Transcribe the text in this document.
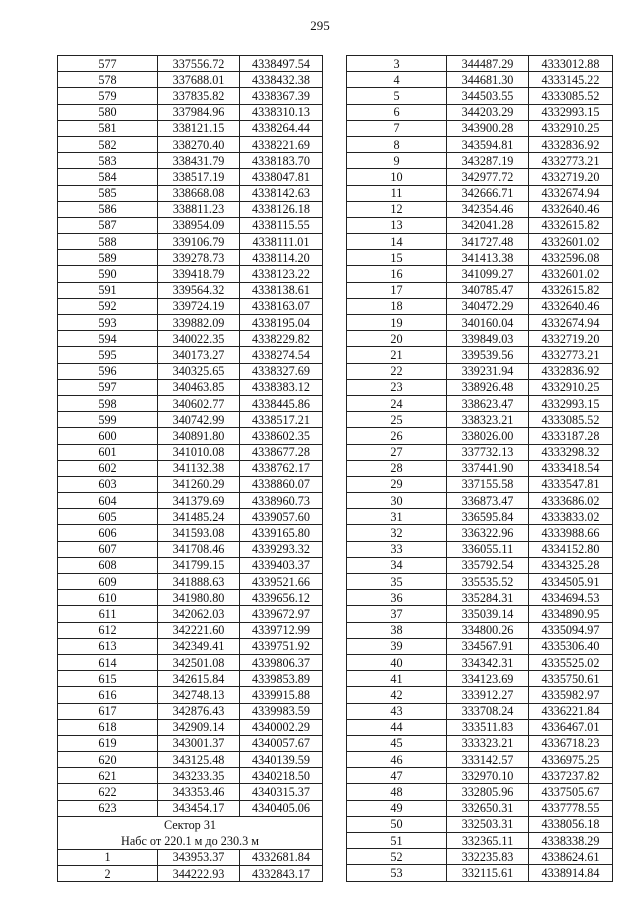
295
577	337556.72	4338497.54
578	337688.01	4338432.38
579	337835.82	4338367.39
580	337984.96	4338310.13
581	338121.15	4338264.44
582	338270.40	4338221.69
583	338431.79	4338183.70
584	338517.19	4338047.81
585	338668.08	4338142.63
586	338811.23	4338126.18
587	338954.09	4338115.55
588	339106.79	4338111.01
589	339278.73	4338114.20
590	339418.79	4338123.22
591	339564.32	4338138.61
592	339724.19	4338163.07
593	339882.09	4338195.04
594	340022.35	4338229.82
595	340173.27	4338274.54
596	340325.65	4338327.69
597	340463.85	4338383.12
598	340602.77	4338445.86
599	340742.99	4338517.21
600	340891.80	4338602.35
601	341010.08	4338677.28
602	341132.38	4338762.17
603	341260.29	4338860.07
604	341379.69	4338960.73
605	341485.24	4339057.60
606	341593.08	4339165.80
607	341708.46	4339293.32
608	341799.15	4339403.37
609	341888.63	4339521.66
610	341980.80	4339656.12
611	342062.03	4339672.97
612	342221.60	4339712.99
613	342349.41	4339751.92
614	342501.08	4339806.37
615	342615.84	4339853.89
616	342748.13	4339915.88
617	342876.43	4339983.59
618	342909.14	4340002.29
619	343001.37	4340057.67
620	343125.48	4340139.59
621	343233.35	4340218.50
622	343353.46	4340315.37
623	343454.17	4340405.06

Сектор 31
Набс от 220.1 м до 230.3 м		

1	343953.37	4332681.84
2	344222.93	4332843.17
3	344487.29	4333012.88
4	344681.30	4333145.22
5	344503.55	4333085.52
6	344203.29	4332993.15
7	343900.28	4332910.25
8	343594.81	4332836.92
9	343287.19	4332773.21
10	342977.72	4332719.20
11	342666.71	4332674.94
12	342354.46	4332640.46
13	342041.28	4332615.82
14	341727.48	4332601.02
15	341413.38	4332596.08
16	341099.27	4332601.02
17	340785.47	4332615.82
18	340472.29	4332640.46
19	340160.04	4332674.94
20	339849.03	4332719.20
21	339539.56	4332773.21
22	339231.94	4332836.92
23	338926.48	4332910.25
24	338623.47	4332993.15
25	338323.21	4333085.52
26	338026.00	4333187.28
27	337732.13	4333298.32
28	337441.90	4333418.54
29	337155.58	4333547.81
30	336873.47	4333686.02
31	336595.84	4333833.02
32	336322.96	4333988.66
33	336055.11	4334152.80
34	335792.54	4334325.28
35	335535.52	4334505.91
36	335284.31	4334694.53
37	335039.14	4334890.95
38	334800.26	4335094.97
39	334567.91	4335306.40
40	334342.31	4335525.02
41	334123.69	4335750.61
42	333912.27	4335982.97
43	333708.24	4336221.84
44	333511.83	4336467.01
45	333323.21	4336718.23
46	333142.57	4336975.25
47	332970.10	4337237.82
48	332805.96	4337505.67
49	332650.31	4337778.55
50	332503.31	4338056.18
51	332365.11	4338338.29
52	332235.83	4338624.61
53	332115.61	4338914.84
